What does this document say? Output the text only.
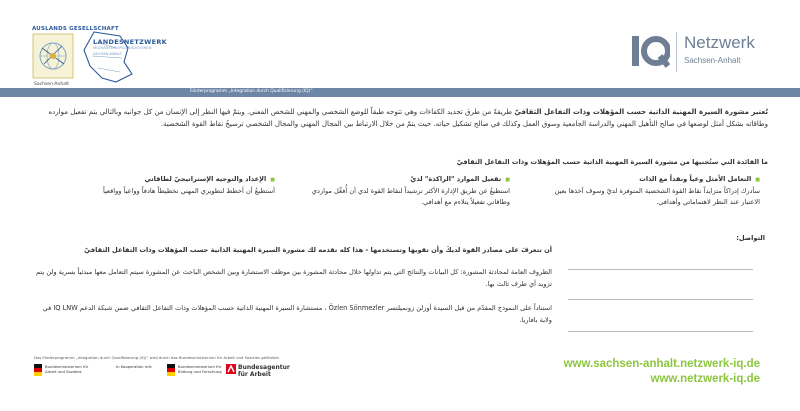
AUSLANDS GESELLSCHAFT
Sachsen-Anhalt
LANDESNETZWERK
MIGRANTENORGANISATIONEN
SACHSEN-ANHALT
Netzwerk
Sachsen-Anhalt
Förderprogramm „Integration durch Qualifizierung (IQ)“
تُعتبر مشورة السيرة المهنية الذاتية حسب المؤهلات وذات التفاعل الثقافيّ طريقةً من طرق تحديد الكفاءات وهي تتوجه طبقاً للوضع الشخصي والمهني للشخص المعني. ويتمّ فيها النظر إلى الإنسان من كل جوانبه وبالتالي يتم تفعيل موارده وطاقاته بشكل أمثل لوضعها في صالح التأهيل المهني والدراسة الجامعية وسوق العمل وكذلك في صالح تشكيل حياته. حيث يتمّ من خلال الارتباط بين المجال المهني والمجال الشخصي ترسيخُ نقاط القوة الشخصية.
ما الفائدة التي ستُجنيها من مشورة السيرة المهنية الذاتية حسب المؤهلات وذات التفاعل الثقافيّ
■التعامل الأمثل وعياً ونقداً مع الذات
سأدرك إدراكاً متزايداً نقاط القوة الشخصية المتوفرة لديّ وسوف آخذها بعين الاعتبار عند النظر لاهتماماتي وأهدافي.
■تفعيل الموارد "الراكدة" لديّ
استطيعُ عن طريق الإدارة الأكثر ترشيداً لنقاط القوة لدي أن أُفعِّل مواردي وطاقاتي تفعيلاً يتلاءم مع أهدافي.
■الإعداد والتوجيه الإستراتيجيّ لطاقاتي
أستطيعُ أن أخطط لتطويري المهني تخطيطاً هادفاً وواعياً وواقعياً
التواصل:
أن تتعرفَ على مصادر القوة لديكَ وأن تقويها وتستخدمها - هذا كله تقدمه لك مشورة السيرة المهنية الذاتية حسب المؤهلات وذات التفاعل الثقافيّ
الظروف العامة لمحادثة المشورة: كل البيانات والنتائج التي يتم تداولها خلال محادثة المشورة بين موظف الاستشارة وبين الشخص الباحث عن المشورة سيتم التعامل معها مبدئياً بسرية ولن يتم تزويد أي طرف ثالث بها.
استناداً على النموذج المقدّم من قبل السيدة أوزلن زونميلتسر Özlen Sönmezler ، مستشارة السيرة المهنية الذاتية حسب المؤهلات وذات التفاعل الثقافي ضمن شبكة الدعم IQ LNW في ولاية بافاريا.
Das Förderprogramm „Integration durch Qualifizierung (IQ)“ wird durch das Bundesministerium für Arbeit und Soziales gefördert.
Bundesministerium für Arbeit und Soziales
In Kooperation mit:	Bundesministerium für Bildung und Forschung
Bundesagentur für Arbeit
www.sachsen-anhalt.netzwerk-iq.de
www.netzwerk-iq.de
